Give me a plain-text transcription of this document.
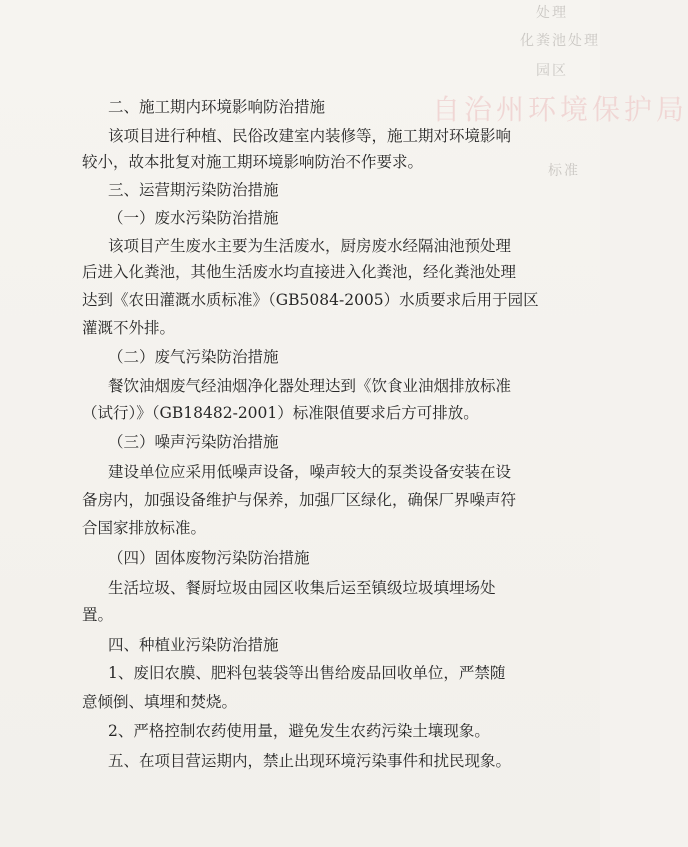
处理
化粪池处理
园区
标准
自治州环境保护局
二、施工期内环境影响防治措施
该项目进行种植、民俗改建室内装修等，施工期对环境影响
较小，故本批复对施工期环境影响防治不作要求。
三、运营期污染防治措施
（一）废水污染防治措施
该项目产生废水主要为生活废水，厨房废水经隔油池预处理
后进入化粪池，其他生活废水均直接进入化粪池，经化粪池处理
达到《农田灌溉水质标准》（GB5084-2005）水质要求后用于园区
灌溉不外排。
（二）废气污染防治措施
餐饮油烟废气经油烟净化器处理达到《饮食业油烟排放标准
（试行）》（GB18482-2001）标准限值要求后方可排放。
（三）噪声污染防治措施
建设单位应采用低噪声设备，噪声较大的泵类设备安装在设
备房内，加强设备维护与保养，加强厂区绿化，确保厂界噪声符
合国家排放标准。
（四）固体废物污染防治措施
生活垃圾、餐厨垃圾由园区收集后运至镇级垃圾填埋场处
置。
四、种植业污染防治措施
1、废旧农膜、肥料包装袋等出售给废品回收单位，严禁随
意倾倒、填埋和焚烧。
2、严格控制农药使用量，避免发生农药污染土壤现象。
五、在项目营运期内，禁止出现环境污染事件和扰民现象。
